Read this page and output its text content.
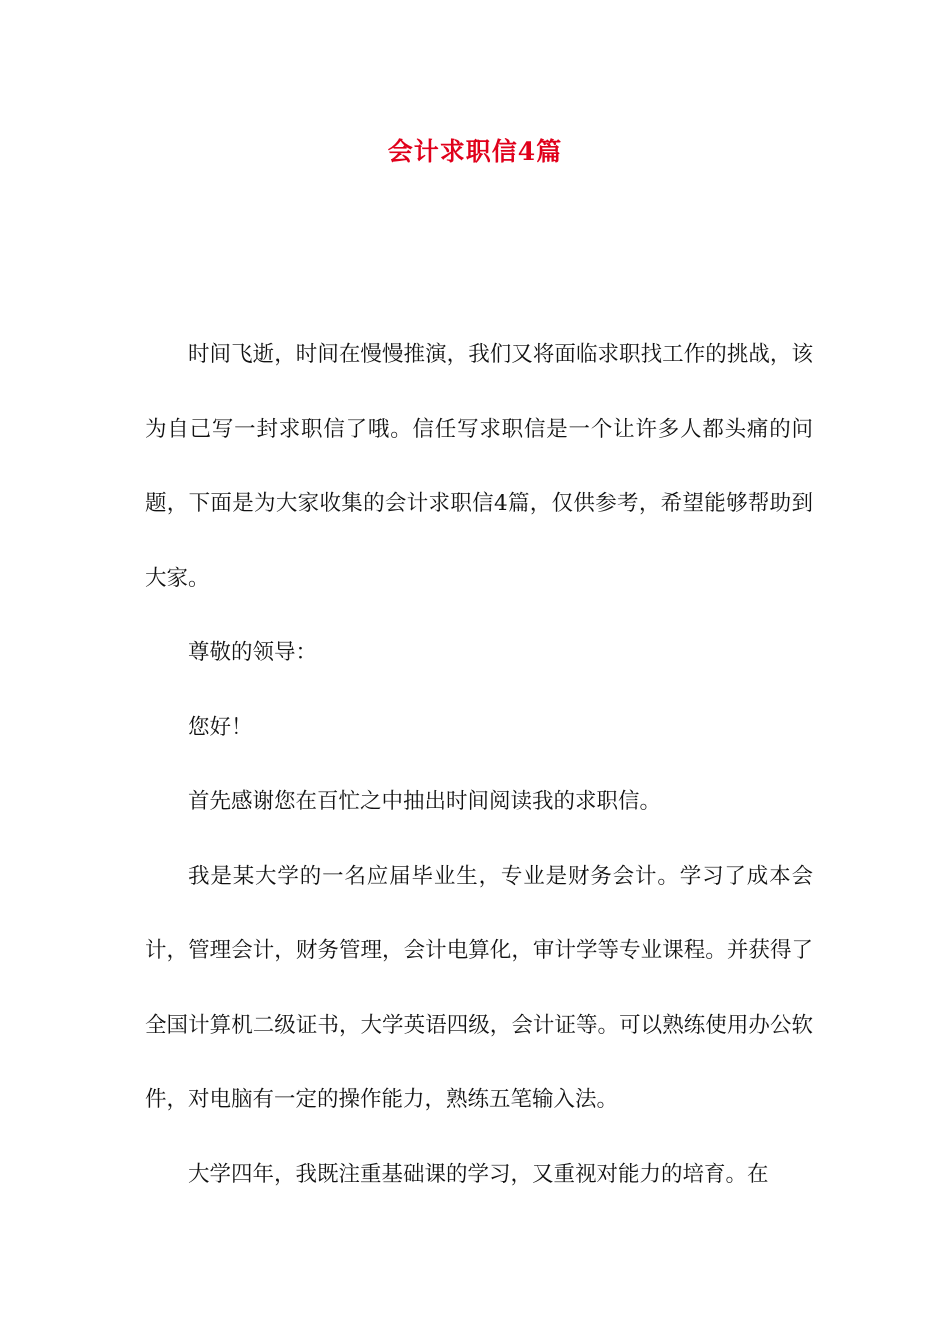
会计求职信4篇

时间飞逝，时间在慢慢推演，我们又将面临求职找工作的挑战，该为自己写一封求职信了哦。信任写求职信是一个让许多人都头痛的问题，下面是为大家收集的会计求职信4篇，仅供参考，希望能够帮助到大家。

尊敬的领导：

您好！

首先感谢您在百忙之中抽出时间阅读我的求职信。

我是某大学的一名应届毕业生，专业是财务会计。学习了成本会计，管理会计，财务管理，会计电算化，审计学等专业课程。并获得了全国计算机二级证书，大学英语四级，会计证等。可以熟练使用办公软件，对电脑有一定的操作能力，熟练五笔输入法。

大学四年，我既注重基础课的学习，又重视对能力的培育。在
